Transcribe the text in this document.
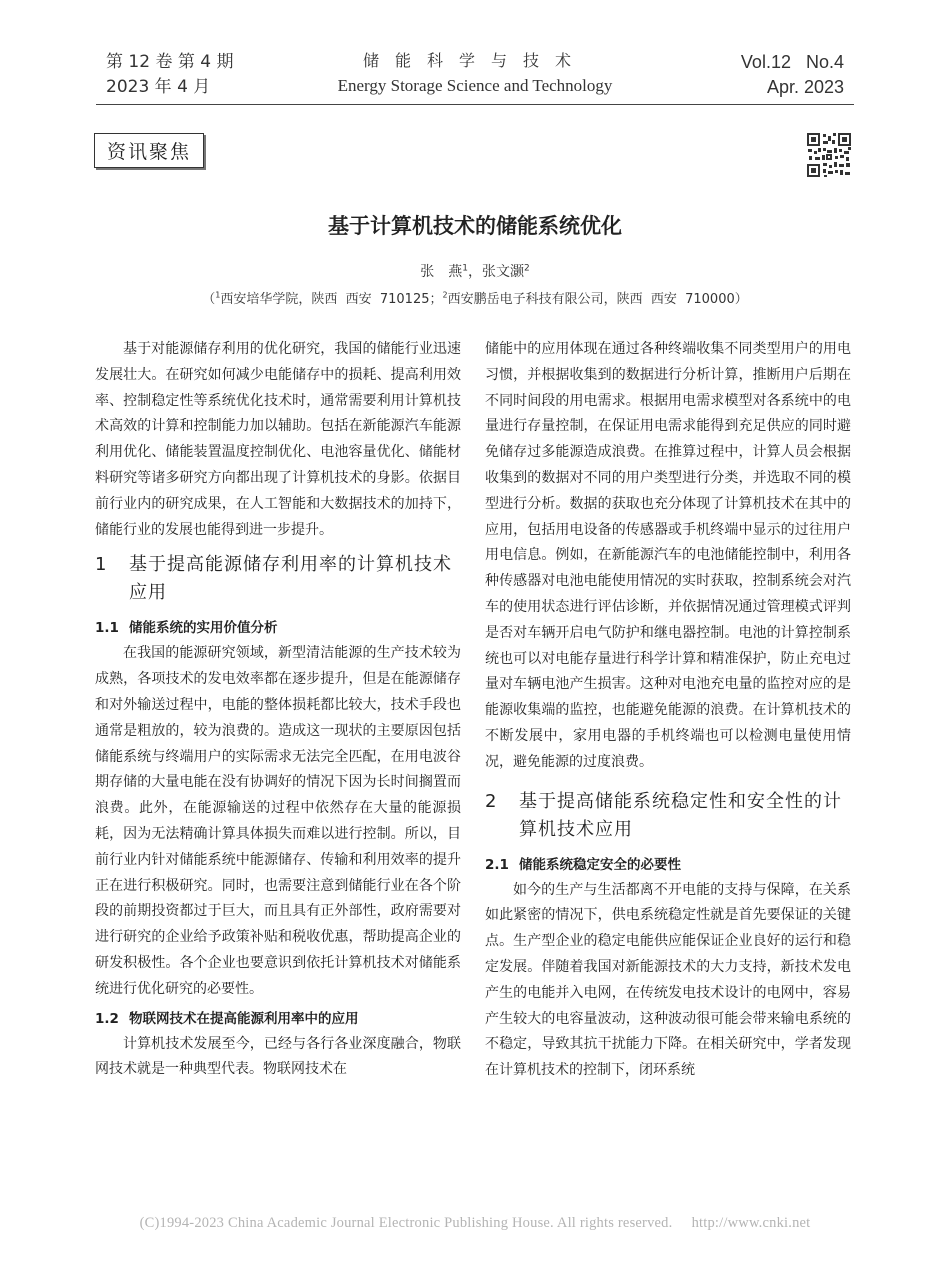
第 12 卷 第 4 期
2023 年 4 月
储能科学与技术
Energy Storage Science and Technology
Vol.12   No.4
Apr. 2023
资讯聚焦
基于计算机技术的储能系统优化
张　燕$^1$，张文灏$^2$
（$^1$西安培华学院，陕西  西安  710125；$^2$西安鹏岳电子科技有限公司，陕西  西安  710000）

基于对能源储存利用的优化研究，我国的储能行业迅速发展壮大。在研究如何减少电能储存中的损耗、提高利用效率、控制稳定性等系统优化技术时，通常需要利用计算机技术高效的计算和控制能力加以辅助。包括在新能源汽车能源利用优化、储能装置温度控制优化、电池容量优化、储能材料研究等诸多研究方向都出现了计算机技术的身影。依据目前行业内的研究成果，在人工智能和大数据技术的加持下，储能行业的发展也能得到进一步提升。

1	基于提高能源储存利用率的计算机技术应用
1.1 储能系统的实用价值分析

在我国的能源研究领域，新型清洁能源的生产技术较为成熟，各项技术的发电效率都在逐步提升，但是在能源储存和对外输送过程中，电能的整体损耗都比较大，技术手段也通常是粗放的，较为浪费的。造成这一现状的主要原因包括储能系统与终端用户的实际需求无法完全匹配，在用电波谷期存储的大量电能在没有协调好的情况下因为长时间搁置而浪费。此外，在能源输送的过程中依然存在大量的能源损耗，因为无法精确计算具体损失而难以进行控制。所以，目前行业内针对储能系统中能源储存、传输和利用效率的提升正在进行积极研究。同时，也需要注意到储能行业在各个阶段的前期投资都过于巨大，而且具有正外部性，政府需要对进行研究的企业给予政策补贴和税收优惠，帮助提高企业的研发积极性。各个企业也要意识到依托计算机技术对储能系统进行优化研究的必要性。

1.2 物联网技术在提高能源利用率中的应用

计算机技术发展至今，已经与各行各业深度融合，物联网技术就是一种典型代表。物联网技术在

储能中的应用体现在通过各种终端收集不同类型用户的用电习惯，并根据收集到的数据进行分析计算，推断用户后期在不同时间段的用电需求。根据用电需求模型对各系统中的电量进行存量控制，在保证用电需求能得到充足供应的同时避免储存过多能源造成浪费。在推算过程中，计算人员会根据收集到的数据对不同的用户类型进行分类，并选取不同的模型进行分析。数据的获取也充分体现了计算机技术在其中的应用，包括用电设备的传感器或手机终端中显示的过往用户用电信息。例如，在新能源汽车的电池储能控制中，利用各种传感器对电池电能使用情况的实时获取，控制系统会对汽车的使用状态进行评估诊断，并依据情况通过管理模式评判是否对车辆开启电气防护和继电器控制。电池的计算控制系统也可以对电能存量进行科学计算和精准保护，防止充电过量对车辆电池产生损害。这种对电池充电量的监控对应的是能源收集端的监控，也能避免能源的浪费。在计算机技术的不断发展中，家用电器的手机终端也可以检测电量使用情况，避免能源的过度浪费。

2	基于提高储能系统稳定性和安全性的计算机技术应用
2.1 储能系统稳定安全的必要性

如今的生产与生活都离不开电能的支持与保障，在关系如此紧密的情况下，供电系统稳定性就是首先要保证的关键点。生产型企业的稳定电能供应能保证企业良好的运行和稳定发展。伴随着我国对新能源技术的大力支持，新技术发电产生的电能并入电网，在传统发电技术设计的电网中，容易产生较大的电容量波动，这种波动很可能会带来输电系统的不稳定，导致其抗干扰能力下降。在相关研究中，学者发现在计算机技术的控制下，闭环系统

(C)1994-2023 China Academic Journal Electronic Publishing House. All rights reserved.     http://www.cnki.net
